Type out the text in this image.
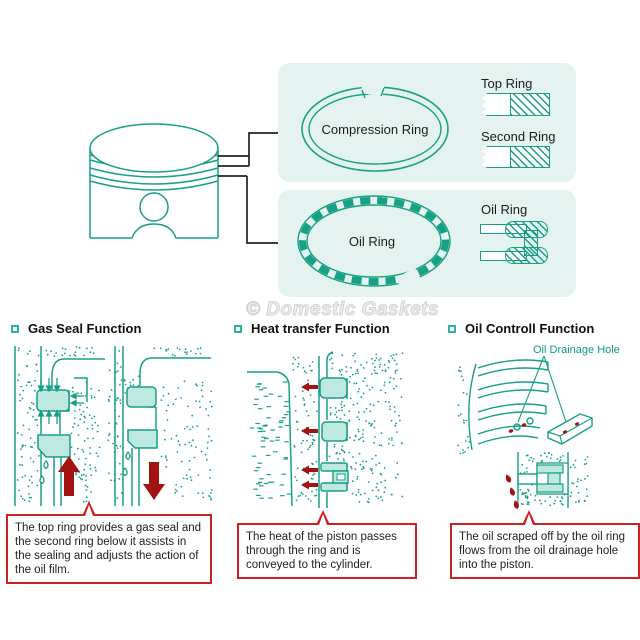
Compression Ring
Oil Ring
Top Ring
Second Ring
Oil Ring
© Domestic Gaskets
Gas Seal Function	Heat transfer Function	Oil Controll Function
Oil Drainage Hole
The top ring provides a gas seal and the second ring below it assists in the sealing and adjusts the action of the oil film.
The heat of the piston passes through the ring and is conveyed to the cylinder.
The oil scraped off by the oil ring flows from the oil drainage hole into the piston.
